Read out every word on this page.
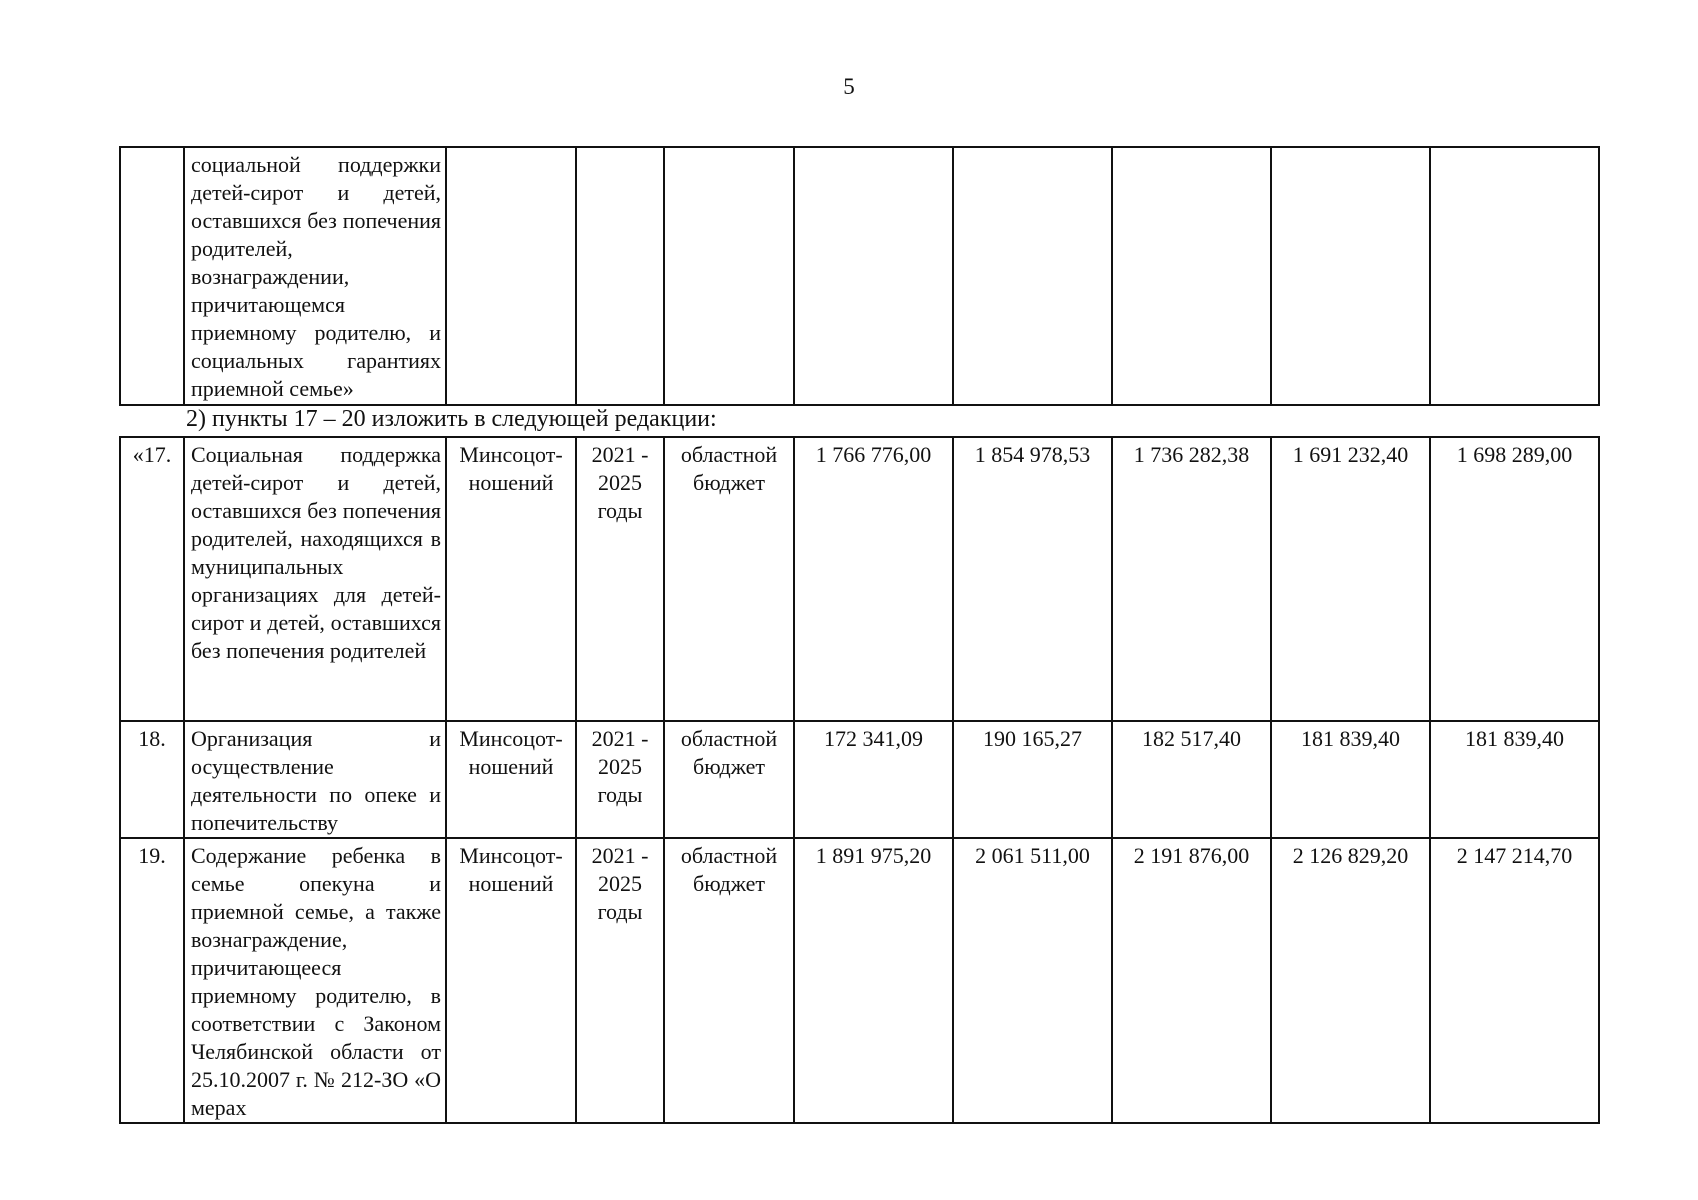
5
	социальной поддержки детей-сирот и детей, оставшихся без попечения родителей, вознаграждении, причитающемся приемному родителю, и социальных гарантиях приемной семье»								
2) пункты 17 – 20 изложить в следующей редакции:
«17.	Социальная поддержка детей-сирот и детей, оставшихся без попечения родителей, находящихся в муниципальных организациях для детей-сирот и детей, оставшихся без попечения родителей	Минсоцот-ношений	2021 - 2025 годы	областной бюджет	1 766 776,00	1 854 978,53	1 736 282,38	1 691 232,40	1 698 289,00
18.	Организация и осуществление деятельности по опеке и попечительству	Минсоцот-ношений	2021 - 2025 годы	областной бюджет	172 341,09	190 165,27	182 517,40	181 839,40	181 839,40
19.	Содержание ребенка в семье опекуна и приемной семье, а также вознаграждение, причитающееся приемному родителю, в соответствии с Законом Челябинской области от 25.10.2007 г. № 212-ЗО «О мерах	Минсоцот-ношений	2021 - 2025 годы	областной бюджет	1 891 975,20	2 061 511,00	2 191 876,00	2 126 829,20	2 147 214,70
